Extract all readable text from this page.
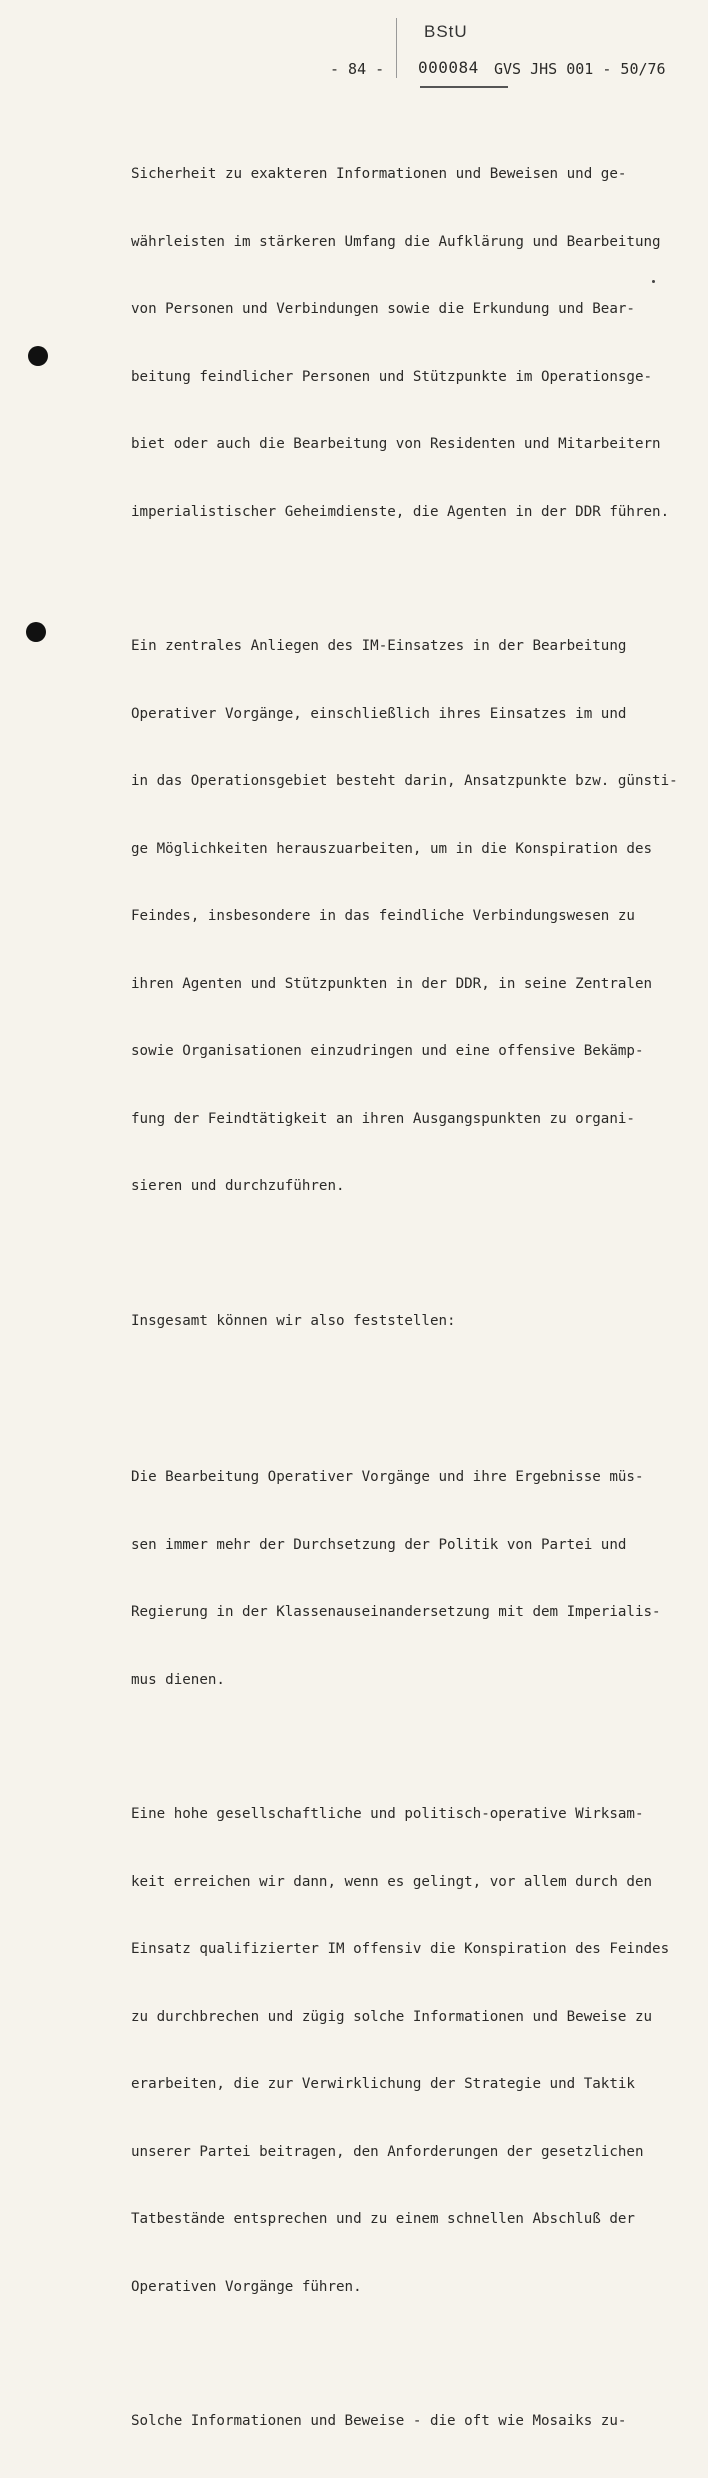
BStU
- 84 - 000084 GVS JHS 001 - 50/76

Sicherheit zu exakteren Informationen und Beweisen und ge-

währleisten im stärkeren Umfang die Aufklärung und Bearbeitung

von Personen und Verbindungen sowie die Erkundung und Bear-

beitung feindlicher Personen und Stützpunkte im Operationsge-

biet oder auch die Bearbeitung von Residenten und Mitarbeitern

imperialistischer Geheimdienste, die Agenten in der DDR führen.

Ein zentrales Anliegen des IM-Einsatzes in der Bearbeitung

Operativer Vorgänge, einschließlich ihres Einsatzes im und

in das Operationsgebiet besteht darin, Ansatzpunkte bzw. günsti-

ge Möglichkeiten herauszuarbeiten, um in die Konspiration des

Feindes, insbesondere in das feindliche Verbindungswesen zu

ihren Agenten und Stützpunkten in der DDR, in seine Zentralen

sowie Organisationen einzudringen und eine offensive Bekämp-

fung der Feindtätigkeit an ihren Ausgangspunkten zu organi-

sieren und durchzuführen.

Insgesamt können wir also feststellen:

Die Bearbeitung Operativer Vorgänge und ihre Ergebnisse müs-

sen immer mehr der Durchsetzung der Politik von Partei und

Regierung in der Klassenauseinandersetzung mit dem Imperialis-

mus dienen.

Eine hohe gesellschaftliche und politisch-operative Wirksam-

keit erreichen wir dann, wenn es gelingt, vor allem durch den

Einsatz qualifizierter IM offensiv die Konspiration des Feindes

zu durchbrechen und zügig solche Informationen und Beweise zu

erarbeiten, die zur Verwirklichung der Strategie und Taktik

unserer Partei beitragen, den Anforderungen der gesetzlichen

Tatbestände entsprechen und zu einem schnellen Abschluß der

Operativen Vorgänge führen.

Solche Informationen und Beweise - die oft wie Mosaiks zu-
